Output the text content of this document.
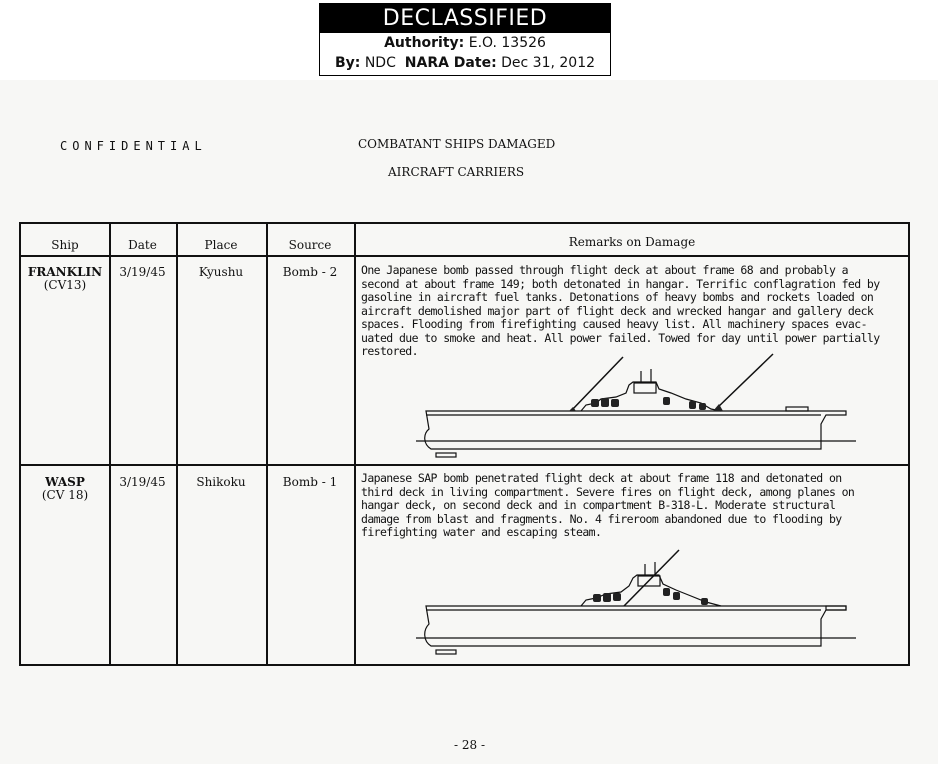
DECLASSIFIED
Authority: E.O. 13526
By: NDC NARA Date: Dec 31, 2012
CONFIDENTIAL	COMBATANT SHIPS DAMAGED
AIRCRAFT CARRIERS
Ship	Date	Place	Source	Remarks on Damage
FRANKLIN
(CV13)
3/19/45	Kyushu	Bomb - 2	One Japanese bomb passed through flight deck at about frame 68 and probably a
second at about frame 149; both detonated in hangar. Terrific conflagration fed by
gasoline in aircraft fuel tanks. Detonations of heavy bombs and rockets loaded on
aircraft demolished major part of flight deck and wrecked hangar and gallery deck
spaces. Flooding from firefighting caused heavy list. All machinery spaces evac-
uated due to smoke and heat. All power failed. Towed for day until power partially
restored.
WASP
(CV 18)
3/19/45	Shikoku	Bomb - 1	Japanese SAP bomb penetrated flight deck at about frame 118 and detonated on
third deck in living compartment. Severe fires on flight deck, among planes on
hangar deck, on second deck and in compartment B-318-L. Moderate structural
damage from blast and fragments. No. 4 fireroom abandoned due to flooding by
firefighting water and escaping steam.
- 28 -
